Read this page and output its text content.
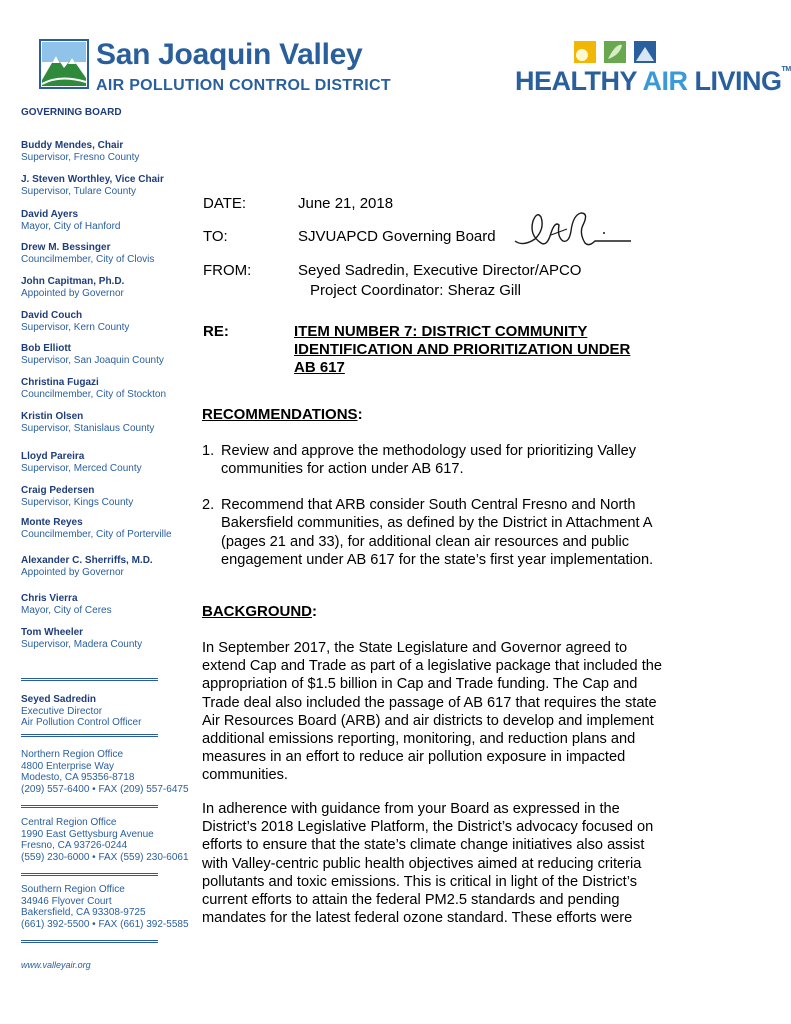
San Joaquin Valley
AIR POLLUTION CONTROL DISTRICT	HEALTHY AIR LIVING™
GOVERNING BOARD
Buddy Mendes, Chair
Supervisor, Fresno County
J. Steven Worthley, Vice Chair
Supervisor, Tulare County
David Ayers
Mayor, City of Hanford
Drew M. Bessinger
Councilmember, City of Clovis
John Capitman, Ph.D.
Appointed by Governor
David Couch
Supervisor, Kern County
Bob Elliott
Supervisor, San Joaquin County
Christina Fugazi
Councilmember, City of Stockton
Kristin Olsen
Supervisor, Stanislaus County
Lloyd Pareira
Supervisor, Merced County
Craig Pedersen
Supervisor, Kings County
Monte Reyes
Councilmember, City of Porterville
Alexander C. Sherriffs, M.D.
Appointed by Governor
Chris Vierra
Mayor, City of Ceres
Tom Wheeler
Supervisor, Madera County
Seyed Sadredin
Executive Director
Air Pollution Control Officer
Northern Region Office
4800 Enterprise Way
Modesto, CA 95356-8718
(209) 557-6400 • FAX (209) 557-6475
Central Region Office
1990 East Gettysburg Avenue
Fresno, CA 93726-0244
(559) 230-6000 • FAX (559) 230-6061
Southern Region Office
34946 Flyover Court
Bakersfield, CA 93308-9725
(661) 392-5500 • FAX (661) 392-5585
www.valleyair.org
DATE:	June 21, 2018
TO:	SJVUAPCD Governing Board
FROM:	Seyed Sadredin, Executive Director/APCO
Project Coordinator: Sheraz Gill
RE:	ITEM NUMBER 7: DISTRICT COMMUNITY
IDENTIFICATION AND PRIORITIZATION UNDER
AB 617
RECOMMENDATIONS:
1. Review and approve the methodology used for prioritizing Valley
communities for action under AB 617.
2. Recommend that ARB consider South Central Fresno and North
Bakersfield communities, as defined by the District in Attachment A
(pages 21 and 33), for additional clean air resources and public
engagement under AB 617 for the state’s first year implementation.
BACKGROUND:
In September 2017, the State Legislature and Governor agreed to
extend Cap and Trade as part of a legislative package that included the
appropriation of $1.5 billion in Cap and Trade funding. The Cap and
Trade deal also included the passage of AB 617 that requires the state
Air Resources Board (ARB) and air districts to develop and implement
additional emissions reporting, monitoring, and reduction plans and
measures in an effort to reduce air pollution exposure in impacted
communities.
In adherence with guidance from your Board as expressed in the
District’s 2018 Legislative Platform, the District’s advocacy focused on
efforts to ensure that the state’s climate change initiatives also assist
with Valley-centric public health objectives aimed at reducing criteria
pollutants and toxic emissions. This is critical in light of the District’s
current efforts to attain the federal PM2.5 standards and pending
mandates for the latest federal ozone standard. These efforts were
